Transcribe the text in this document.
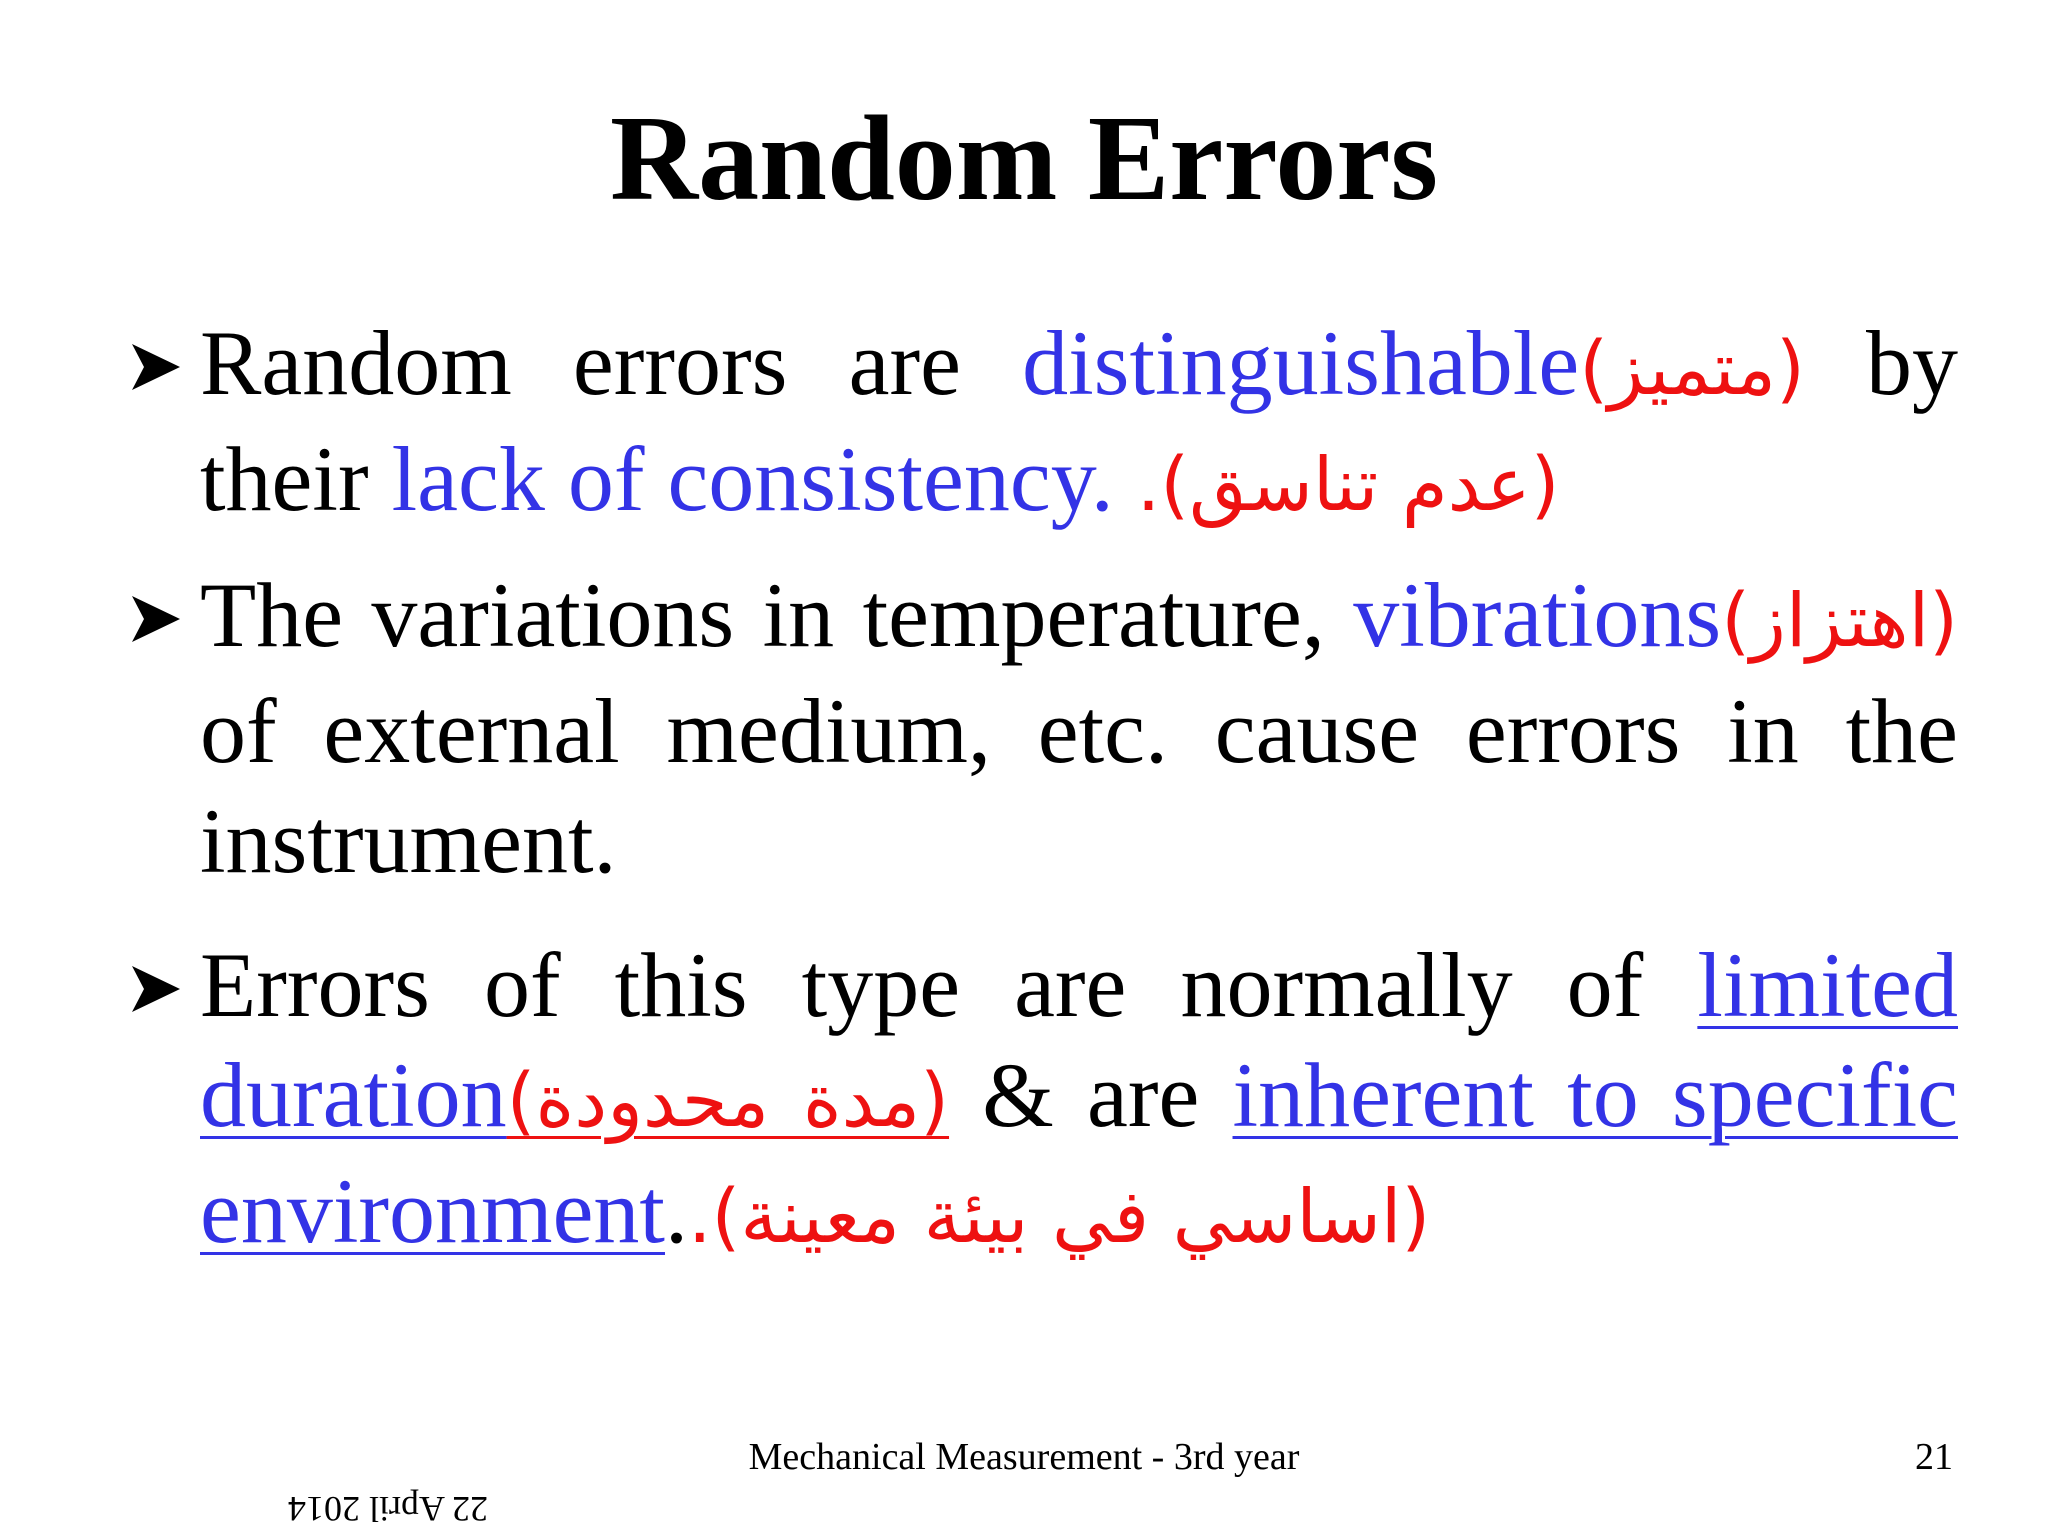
Random Errors
Random errors are distinguishable(متميز) by their lack of consistency. (عدم تناسق).
The variations in temperature, vibrations(اهتزاز) of external medium, etc. cause errors in the instrument.
Errors of this type are normally of limited duration(مدة محدودة) & are inherent to specific environment.(اساسي في بيئة معينة).
Mechanical Measurement - 3rd year	21
22 April 2014
